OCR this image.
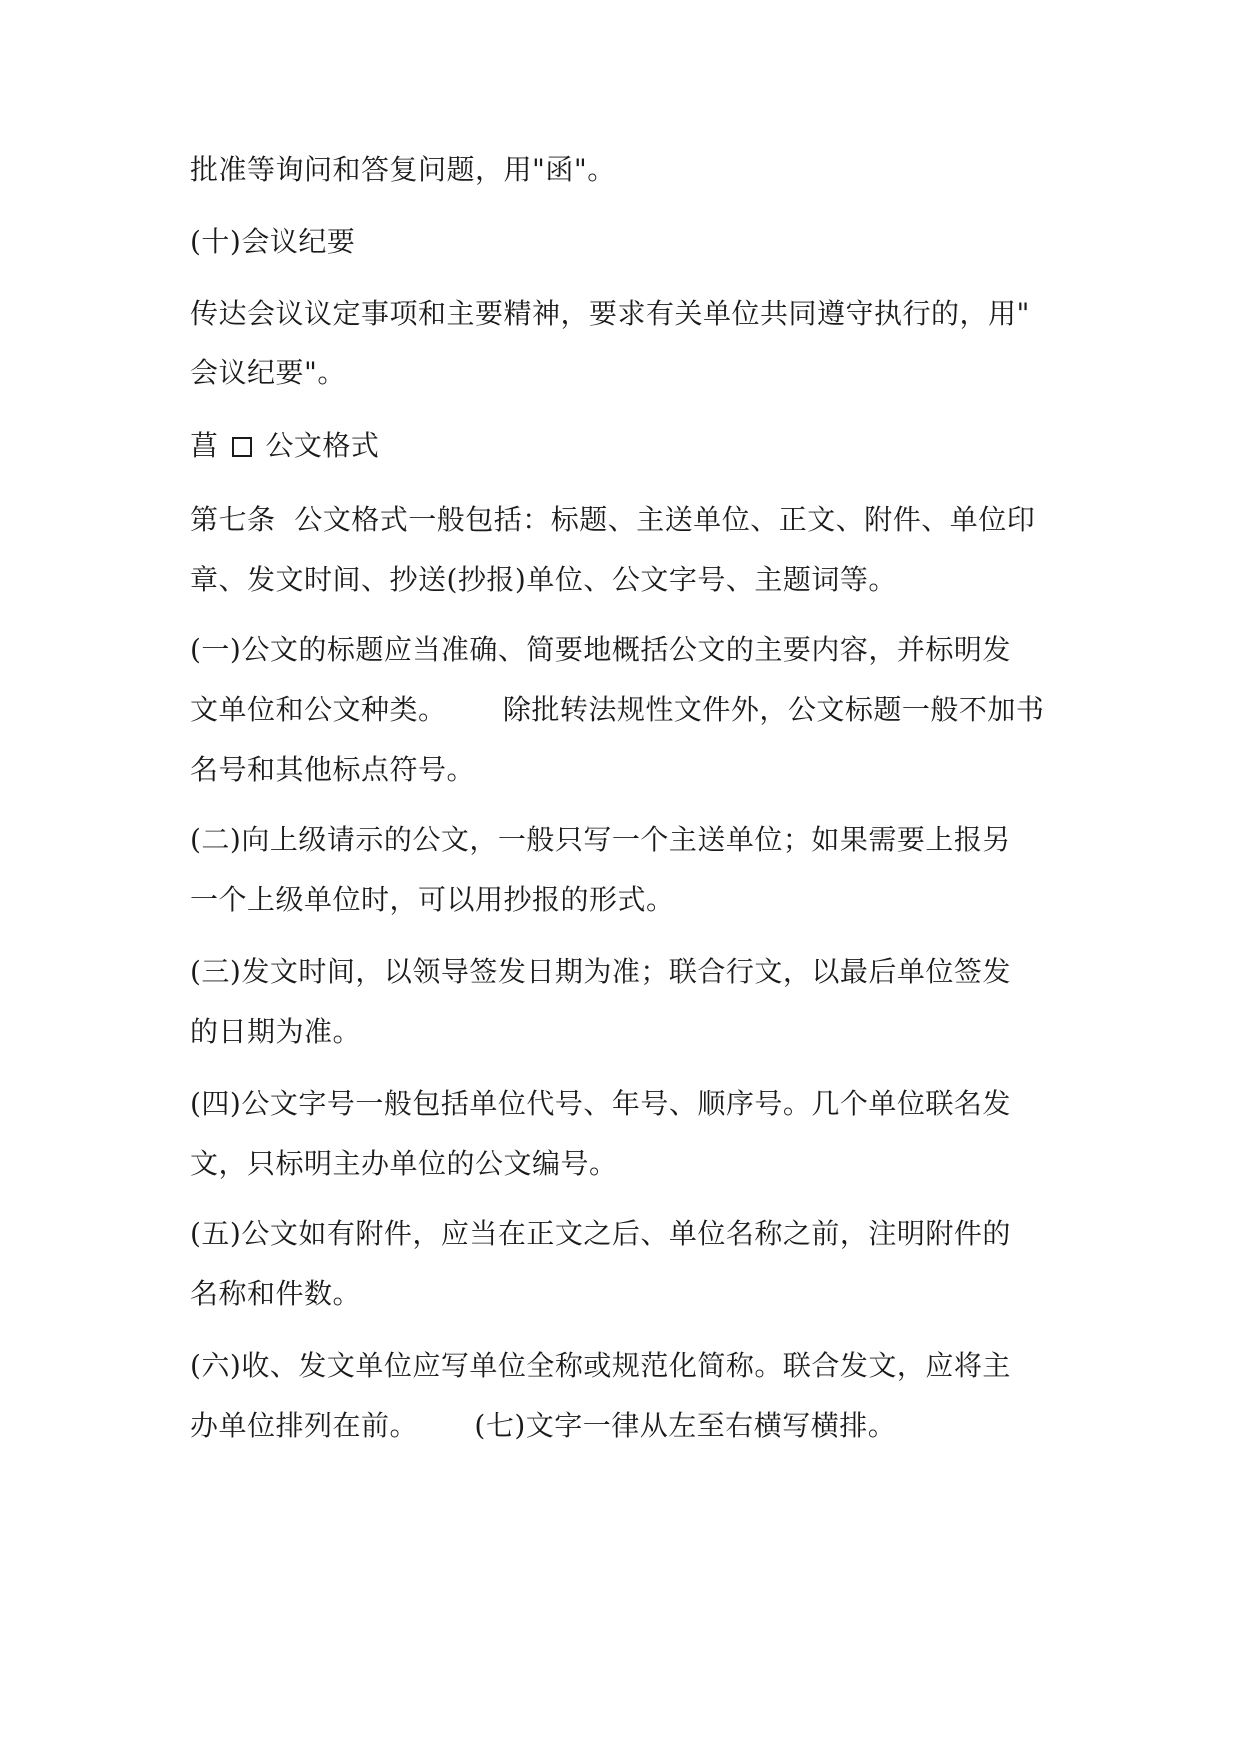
批准等询问和答复问题，用"函"。
(十)会议纪要
传达会议议定事项和主要精神，要求有关单位共同遵守执行的，用"
会议纪要"。
菖 公文格式
第七条  公文格式一般包括：标题、主送单位、正文、附件、单位印
章、发文时间、抄送(抄报)单位、公文字号、主题词等。
(一)公文的标题应当准确、简要地概括公文的主要内容，并标明发
文单位和公文种类。      除批转法规性文件外，公文标题一般不加书
名号和其他标点符号。
(二)向上级请示的公文，一般只写一个主送单位；如果需要上报另
一个上级单位时，可以用抄报的形式。
(三)发文时间，以领导签发日期为准；联合行文，以最后单位签发
的日期为准。
(四)公文字号一般包括单位代号、年号、顺序号。几个单位联名发
文，只标明主办单位的公文编号。
(五)公文如有附件，应当在正文之后、单位名称之前，注明附件的
名称和件数。
(六)收、发文单位应写单位全称或规范化简称。联合发文，应将主
办单位排列在前。      (七)文字一律从左至右横写横排。
